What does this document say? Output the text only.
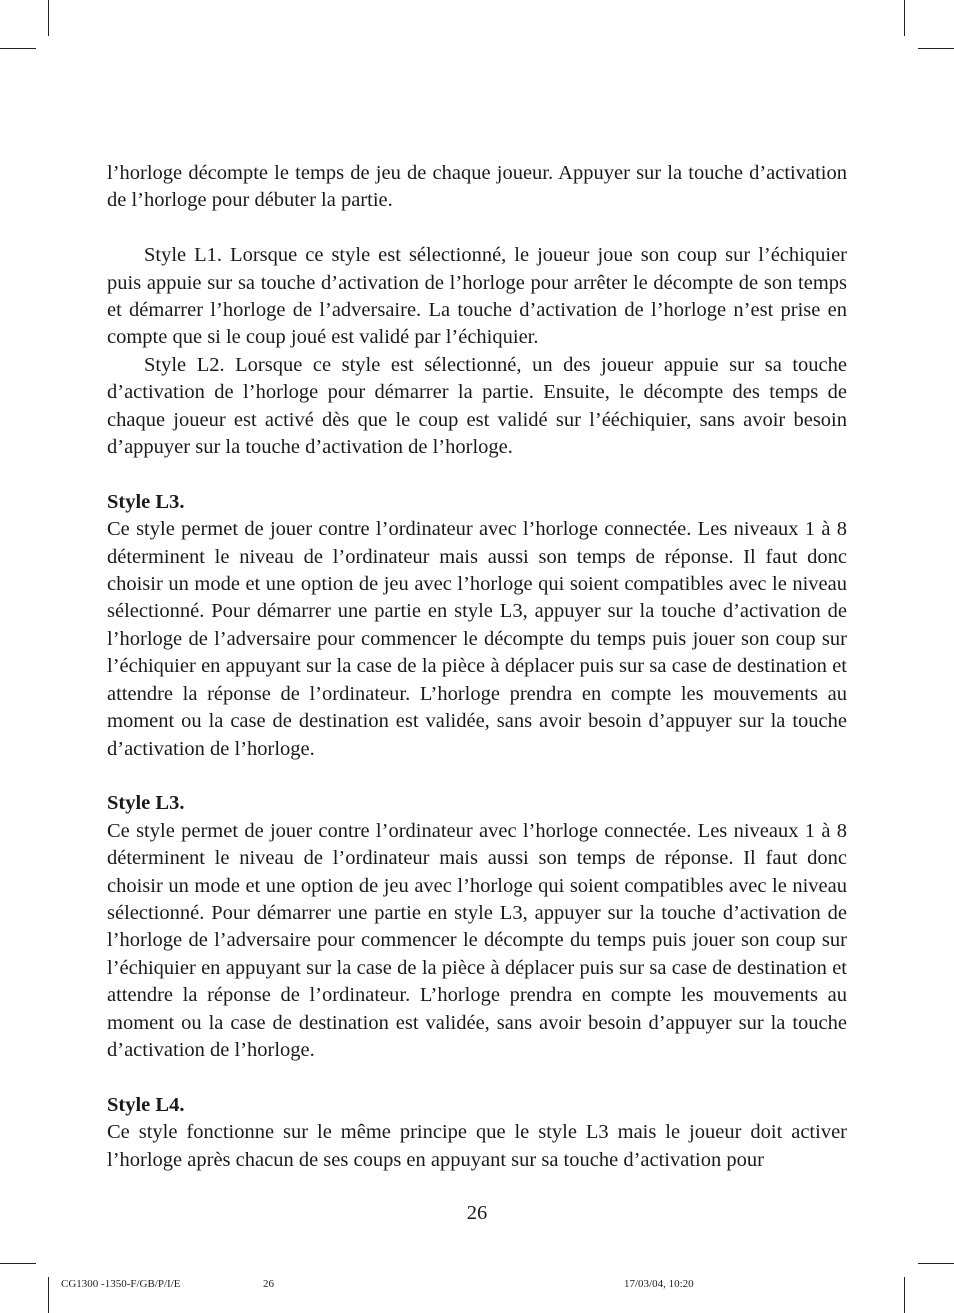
l’horloge décompte le temps de jeu de chaque joueur. Appuyer sur la touche d’activation de l’horloge pour débuter la partie.

Style L1. Lorsque ce style est sélectionné, le joueur joue son coup sur l’échiquier puis appuie sur sa touche d’activation de l’horloge pour arrêter le décompte de son temps et démarrer l’horloge de l’adversaire. La touche d’activation de l’horloge n’est prise en compte que si le coup joué est validé par l’échiquier.

Style L2. Lorsque ce style est sélectionné, un des joueur appuie sur sa touche d’activation de l’horloge pour démarrer la partie. Ensuite, le décompte des temps de chaque joueur est activé dès que le coup est validé sur l’ééchiquier, sans avoir besoin d’appuyer sur la touche d’activation de l’horloge.

Style L3.

Ce style permet de jouer contre l’ordinateur avec l’horloge connectée. Les niveaux 1 à 8 déterminent le niveau de l’ordinateur mais aussi son temps de réponse. Il faut donc choisir un mode et une option de jeu avec l’horloge qui soient compatibles avec le niveau sélectionné. Pour démarrer une partie en style L3, appuyer sur la touche d’activation de l’horloge de l’adversaire pour commencer le décompte du temps puis jouer son coup sur l’échiquier en appuyant sur la case de la pièce à déplacer puis sur sa case de destination et attendre la réponse de l’ordinateur. L’horloge prendra en compte les mouvements au moment ou la case de destination est validée, sans avoir besoin d’appuyer sur la touche d’activation de l’horloge.

Style L3.

Ce style permet de jouer contre l’ordinateur avec l’horloge connectée. Les niveaux 1 à 8 déterminent le niveau de l’ordinateur mais aussi son temps de réponse. Il faut donc choisir un mode et une option de jeu avec l’horloge qui soient compatibles avec le niveau sélectionné. Pour démarrer une partie en style L3, appuyer sur la touche d’activation de l’horloge de l’adversaire pour commencer le décompte du temps puis jouer son coup sur l’échiquier en appuyant sur la case de la pièce à déplacer puis sur sa case de destination et attendre la réponse de l’ordinateur. L’horloge prendra en compte les mouvements au moment ou la case de destination est validée, sans avoir besoin d’appuyer sur la touche d’activation de l’horloge.

Style L4.

Ce style fonctionne sur le même principe que le style L3 mais le joueur doit activer l’horloge après chacun de ses coups en appuyant sur sa touche d’activation pour

26
CG1300 -1350-F/GB/P/I/E	26	17/03/04, 10:20
